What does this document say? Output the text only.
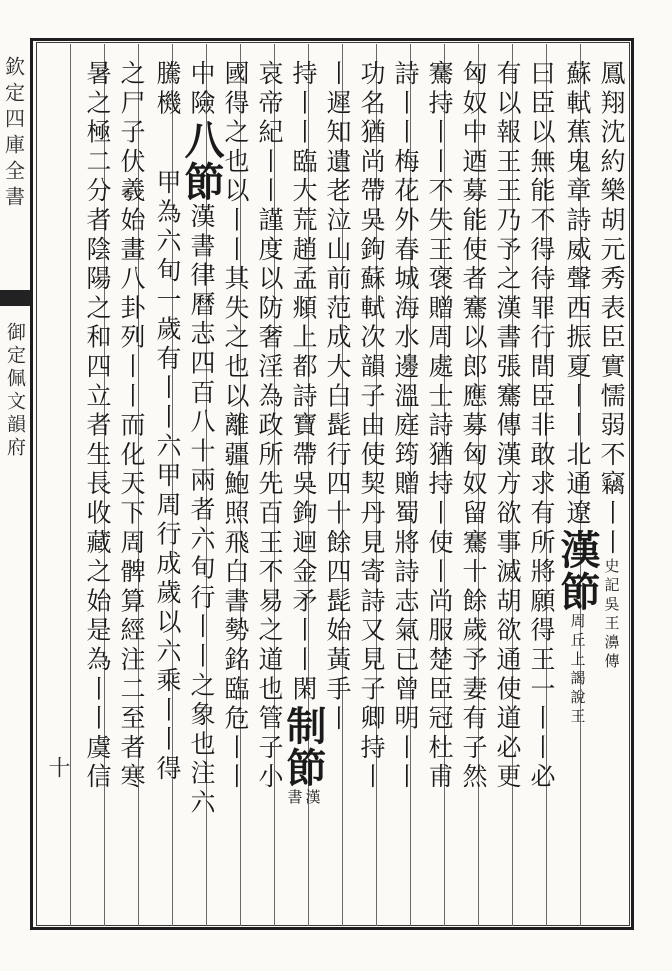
欽定四庫全書
御定佩文韻府
十
鳳翔沈約樂胡元秀表臣實懦弱不竊丨丨
史記吳王濞傳
蘇軾蕉鬼章詩威聲西振夏丨丨北通遼
漢節
周丘上謁說王
曰臣以無能不得待罪行間臣非敢求有所將願得王一丨丨
必
有以報王王乃予之漢書張騫傳漢方欲事滅胡欲通使道必更
匈奴中迺募能使者騫以郎應募匈奴留騫十餘歲予妻有子然
騫持丨丨不失王褒贈周處士詩猶持丨使丨尚服楚臣冠杜甫
詩丨丨梅花外春城海水邊溫庭筠贈蜀將詩志氣已曾明丨丨
功名猶尚帶吳鉤蘇軾次韻子由使契丹見寄詩又見子卿持丨
丨遲知遺老泣山前范成大白髭行四十餘四髭始黃手
丨
持丨丨臨大荒趙孟頫上都詩寶帶吳鉤迴金矛丨丨閑
制節
漢
書
哀帝紀丨丨謹度以防奢淫為政所先百王不易之道也管子小
國得之也以丨丨其失之也以離疆鮑照飛白書勢銘臨危丨丨
中險
八節
漢書律曆志四百八十兩者六旬行丨丨之象也注六
騰機
甲為六旬一歲有丨丨六甲周行成歲以六乘丨丨得
之尸子伏羲始畫八卦列丨丨而化天下周髀算經注二至者寒
暑之極二分者陰陽之和四立者生長收藏之始是為丨丨虞信
